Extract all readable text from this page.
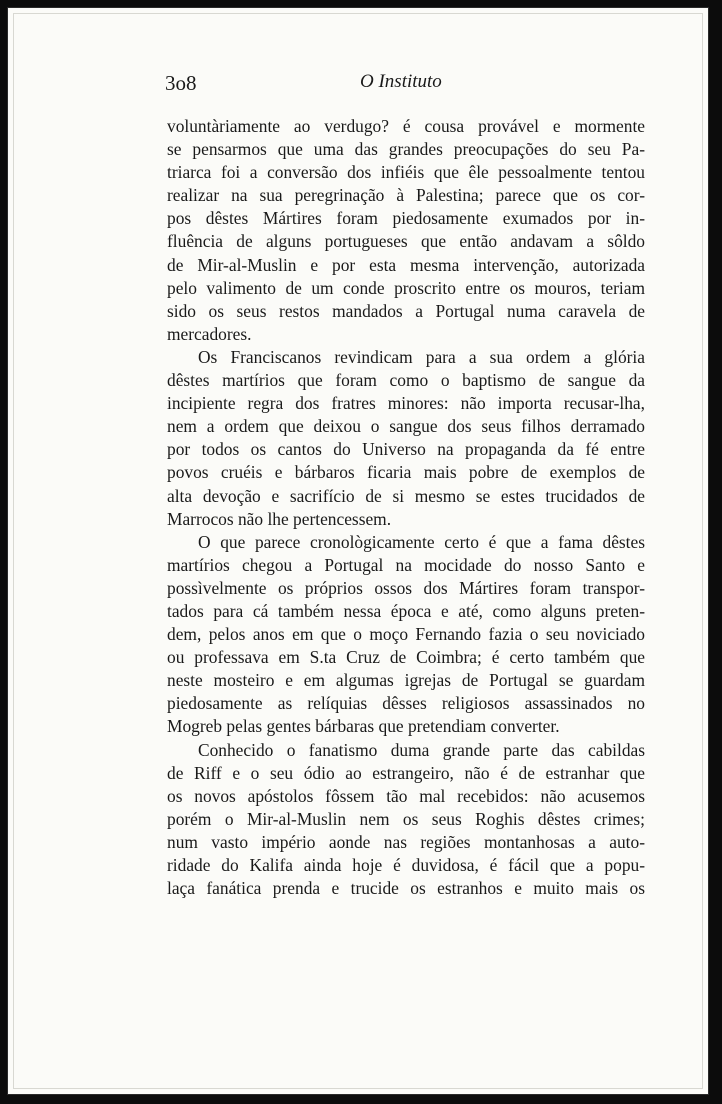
3o8	O Instituto
voluntàriamente ao verdugo? é cousa provável e mormente
se pensarmos que uma das grandes preocupações do seu Pa-
triarca foi a conversão dos infiéis que êle pessoalmente tentou
realizar na sua peregrinação à Palestina; parece que os cor-
pos dêstes Mártires foram piedosamente exumados por in-
fluência de alguns portugueses que então andavam a sôldo
de Mir-al-Muslin e por esta mesma intervenção, autorizada
pelo valimento de um conde proscrito entre os mouros, teriam
sido os seus restos mandados a Portugal numa caravela de
mercadores.
Os Franciscanos revindicam para a sua ordem a glória
dêstes martírios que foram como o baptismo de sangue da
incipiente regra dos fratres minores: não importa recusar-lha,
nem a ordem que deixou o sangue dos seus filhos derramado
por todos os cantos do Universo na propaganda da fé entre
povos cruéis e bárbaros ficaria mais pobre de exemplos de
alta devoção e sacrifício de si mesmo se estes trucidados de
Marrocos não lhe pertencessem.
O que parece cronològicamente certo é que a fama dêstes
martírios chegou a Portugal na mocidade do nosso Santo e
possìvelmente os próprios ossos dos Mártires foram transpor-
tados para cá também nessa época e até, como alguns preten-
dem, pelos anos em que o moço Fernando fazia o seu noviciado
ou professava em S.ta Cruz de Coimbra; é certo também que
neste mosteiro e em algumas igrejas de Portugal se guardam
piedosamente as relíquias dêsses religiosos assassinados no
Mogreb pelas gentes bárbaras que pretendiam converter.
Conhecido o fanatismo duma grande parte das cabildas
de Riff e o seu ódio ao estrangeiro, não é de estranhar que
os novos apóstolos fôssem tão mal recebidos: não acusemos
porém o Mir-al-Muslin nem os seus Roghis dêstes crimes;
num vasto império aonde nas regiões montanhosas a auto-
ridade do Kalifa ainda hoje é duvidosa, é fácil que a popu-
laça fanática prenda e trucide os estranhos e muito mais os
